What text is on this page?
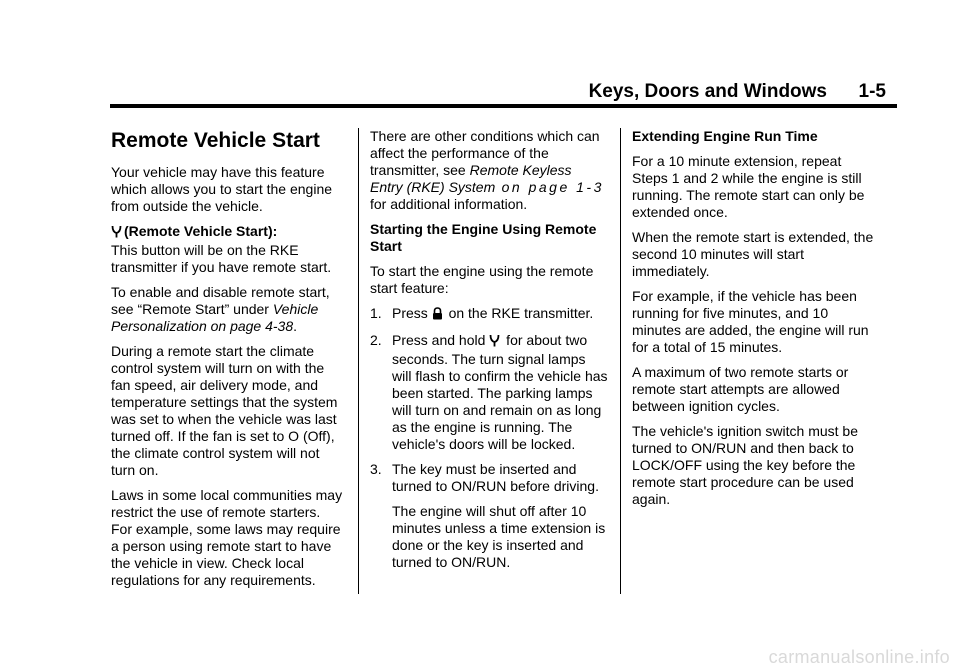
Keys, Doors and Windows 1-5
Remote Vehicle Start

Your vehicle may have this feature which allows you to start the engine from outside the vehicle.

(Remote Vehicle Start):

This button will be on the RKE transmitter if you have remote start.

To enable and disable remote start, see “Remote Start” under Vehicle Personalization on page 4‑38.

During a remote start the climate control system will turn on with the fan speed, air delivery mode, and temperature settings that the system was set to when the vehicle was last turned off. If the fan is set to O (Off), the climate control system will not turn on.

Laws in some local communities may restrict the use of remote starters. For example, some laws may require a person using remote start to have the vehicle in view. Check local regulations for any requirements.

There are other conditions which can affect the performance of the transmitter, see Remote Keyless Entry (RKE) System on page 1‑3 for additional information.

Starting the Engine Using Remote Start

To start the engine using the remote start feature:

1. Press  on the RKE transmitter.
2. Press and hold  for about two seconds. The turn signal lamps will flash to confirm the vehicle has been started. The parking lamps will turn on and remain on as long as the engine is running. The vehicle's doors will be locked.
3. The key must be inserted and turned to ON/RUN before driving.
The engine will shut off after 10 minutes unless a time extension is done or the key is inserted and turned to ON/RUN.
Extending Engine Run Time

For a 10 minute extension, repeat Steps 1 and 2 while the engine is still running. The remote start can only be extended once.

When the remote start is extended, the second 10 minutes will start immediately.

For example, if the vehicle has been running for five minutes, and 10 minutes are added, the engine will run for a total of 15 minutes.

A maximum of two remote starts or remote start attempts are allowed between ignition cycles.

The vehicle's ignition switch must be turned to ON/RUN and then back to LOCK/OFF using the key before the remote start procedure can be used again.

carmanualsonline.info
